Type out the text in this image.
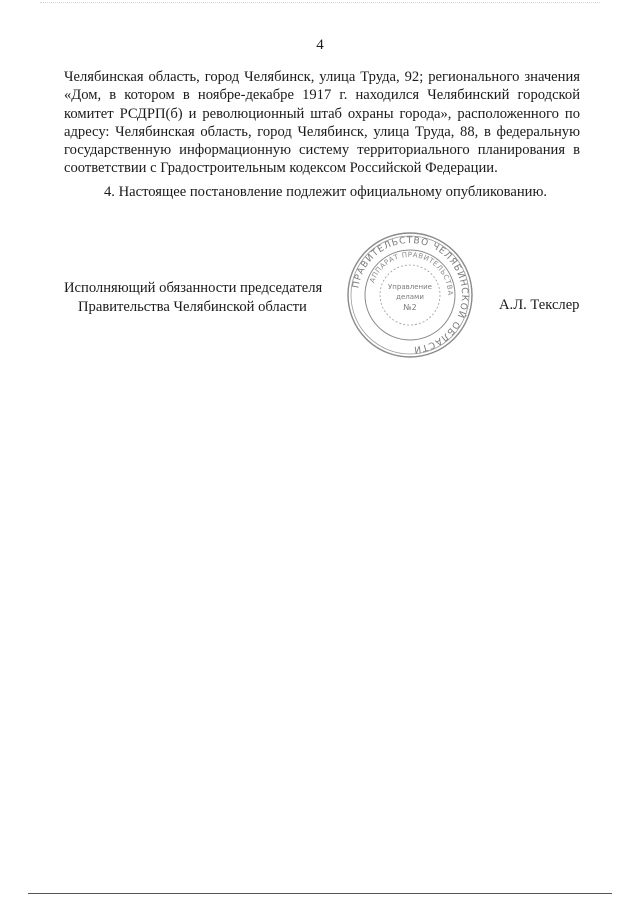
4

Челябинская область, город Челябинск, улица Труда, 92; регионального значения «Дом, в котором в ноябре-декабре 1917 г. находился Челябинский городской комитет РСДРП(б) и революционный штаб охраны города», расположенного по адресу: Челябинская область, город Челябинск, улица Труда, 88, в федеральную государственную информационную систему территориального планирования в соответствии с Градостроительным кодексом Российской Федерации.

4. Настоящее постановление подлежит официальному опубликованию.

Исполняющий обязанности председателя
Правительства Челябинской области
ПРАВИТЕЛЬСТВО ЧЕЛЯБИНСКОЙ ОБЛАСТИ
АППАРАТ ПРАВИТЕЛЬСТВА
Управление
делами
№2	А.Л. Текслер
